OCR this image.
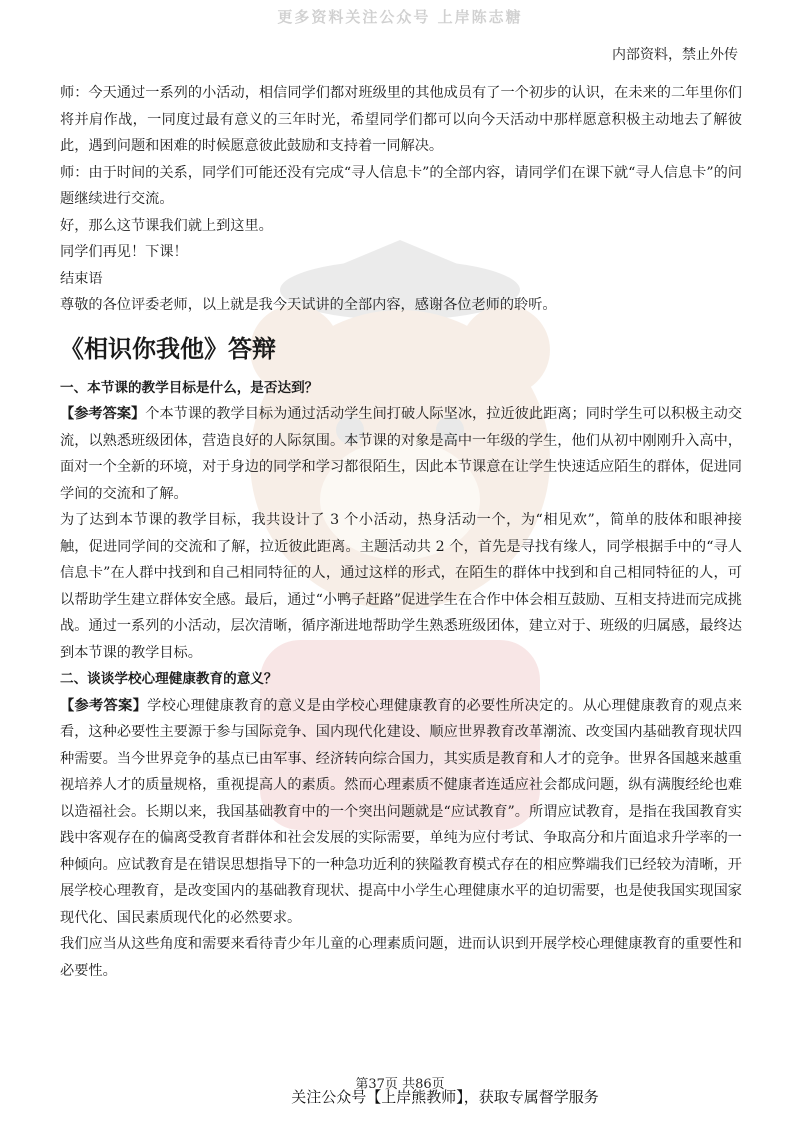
更多资料关注公众号 上岸陈志糖
内部资料，禁止外传

师：今天通过一系列的小活动，相信同学们都对班级里的其他成员有了一个初步的认识，在未来的二年里你们将并肩作战，一同度过最有意义的三年时光，希望同学们都可以向今天活动中那样愿意积极主动地去了解彼此，遇到问题和困难的时候愿意彼此鼓励和支持着一同解决。

师：由于时间的关系，同学们可能还没有完成“寻人信息卡”的全部内容，请同学们在课下就“寻人信息卡”的问题继续进行交流。

好，那么这节课我们就上到这里。

同学们再见！下课！

结束语

尊敬的各位评委老师，以上就是我今天试讲的全部内容，感谢各位老师的聆听。

《相识你我他》答辩

一、本节课的教学目标是什么，是否达到？

【参考答案】个本节课的教学目标为通过活动学生间打破人际坚冰，拉近彼此距离；同时学生可以积极主动交流，以熟悉班级团体，营造良好的人际氛围。本节课的对象是高中一年级的学生，他们从初中刚刚升入高中，面对一个全新的环境，对于身边的同学和学习都很陌生，因此本节课意在让学生快速适应陌生的群体，促进同学间的交流和了解。

为了达到本节课的教学目标，我共设计了 3 个小活动，热身活动一个，为“相见欢”，简单的肢体和眼神接触，促进同学间的交流和了解，拉近彼此距离。主题活动共 2 个，首先是寻找有缘人，同学根据手中的“寻人信息卡”在人群中找到和自己相同特征的人，通过这样的形式，在陌生的群体中找到和自己相同特征的人，可以帮助学生建立群体安全感。最后，通过“小鸭子赶路”促进学生在合作中体会相互鼓励、互相支持进而完成挑战。通过一系列的小活动，层次清晰，循序渐进地帮助学生熟悉班级团体，建立对于、班级的归属感，最终达到本节课的教学目标。

二、谈谈学校心理健康教育的意义？

【参考答案】学校心理健康教育的意义是由学校心理健康教育的必要性所决定的。从心理健康教育的观点来看，这种必要性主要源于参与国际竞争、国内现代化建设、顺应世界教育改革潮流、改变国内基础教育现状四种需要。当今世界竞争的基点已由军事、经济转向综合国力，其实质是教育和人才的竞争。世界各国越来越重视培养人才的质量规格，重视提高人的素质。然而心理素质不健康者连适应社会都成问题，纵有满腹经纶也难以造福社会。长期以来，我国基础教育中的一个突出问题就是“应试教育”。所谓应试教育，是指在我国教育实践中客观存在的偏离受教育者群体和社会发展的实际需要，单纯为应付考试、争取高分和片面追求升学率的一种倾向。应试教育是在错误思想指导下的一种急功近利的狭隘教育模式存在的相应弊端我们已经较为清晰，开展学校心理教育，是改变国内的基础教育现状、提高中小学生心理健康水平的迫切需要，也是使我国实现国家现代化、国民素质现代化的必然要求。

我们应当从这些角度和需要来看待青少年儿童的心理素质问题，进而认识到开展学校心理健康教育的重要性和必要性。

第37页 共86页
关注公众号【上岸熊教师】，获取专属督学服务
